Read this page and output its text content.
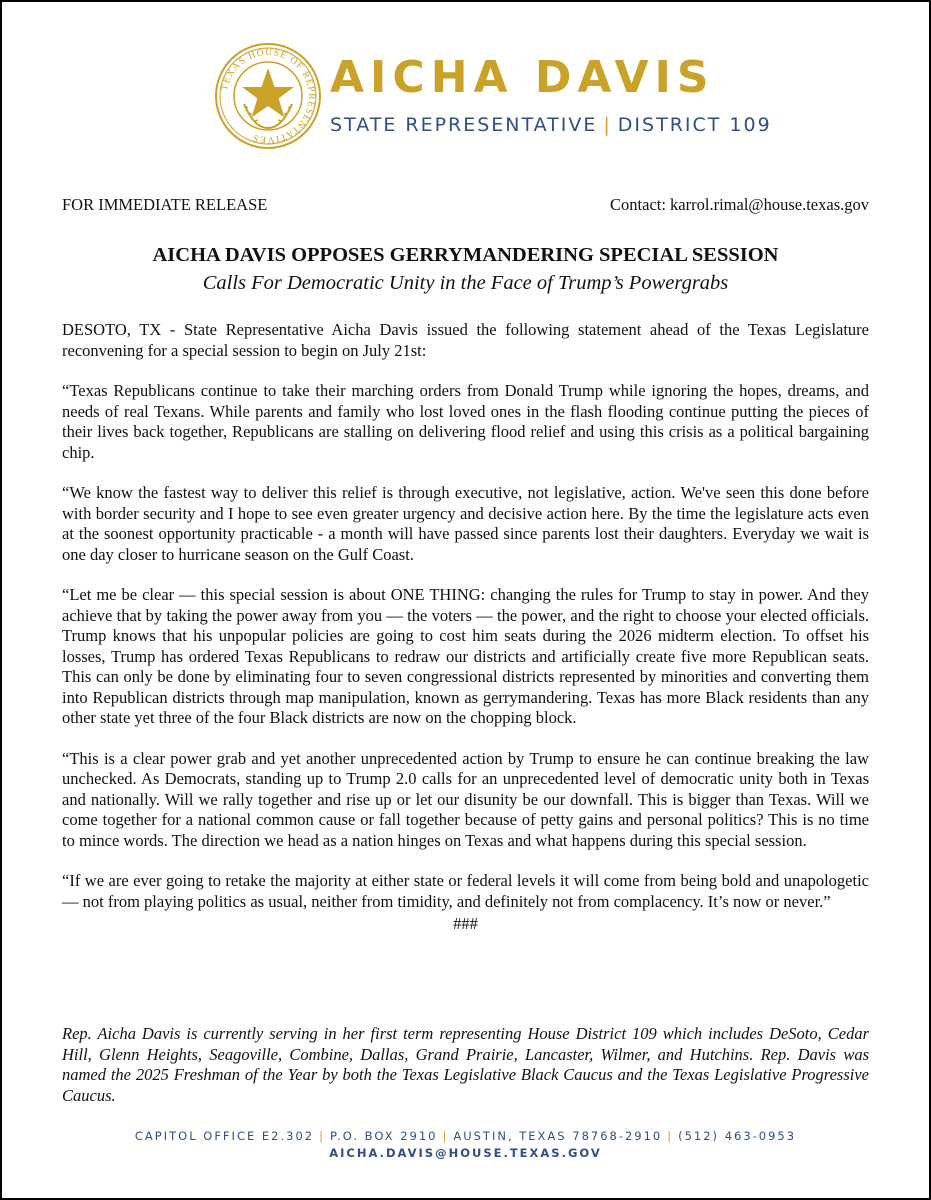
TEXAS HOUSE OF REPRESENTATIVES
AICHA DAVIS
STATE REPRESENTATIVE | DISTRICT 109
FOR IMMEDIATE RELEASE	Contact: karrol.rimal@house.texas.gov
AICHA DAVIS OPPOSES GERRYMANDERING SPECIAL SESSION
Calls For Democratic Unity in the Face of Trump’s Powergrabs

DESOTO, TX - State Representative Aicha Davis issued the following statement ahead of the Texas Legislature reconvening for a special session to begin on July 21st:

“Texas Republicans continue to take their marching orders from Donald Trump while ignoring the hopes, dreams, and needs of real Texans. While parents and family who lost loved ones in the flash flooding continue putting the pieces of their lives back together, Republicans are stalling on delivering flood relief and using this crisis as a political bargaining chip.

“We know the fastest way to deliver this relief is through executive, not legislative, action. We've seen this done before with border security and I hope to see even greater urgency and decisive action here. By the time the legislature acts even at the soonest opportunity practicable - a month will have passed since parents lost their daughters. Everyday we wait is one day closer to hurricane season on the Gulf Coast.

“Let me be clear — this special session is about ONE THING: changing the rules for Trump to stay in power. And they achieve that by taking the power away from you — the voters — the power, and the right to choose your elected officials. Trump knows that his unpopular policies are going to cost him seats during the 2026 midterm election. To offset his losses, Trump has ordered Texas Republicans to redraw our districts and artificially create five more Republican seats. This can only be done by eliminating four to seven congressional districts represented by minorities and converting them into Republican districts through map manipulation, known as gerrymandering. Texas has more Black residents than any other state yet three of the four Black districts are now on the chopping block.

“This is a clear power grab and yet another unprecedented action by Trump to ensure he can continue breaking the law unchecked. As Democrats, standing up to Trump 2.0 calls for an unprecedented level of democratic unity both in Texas and nationally. Will we rally together and rise up or let our disunity be our downfall. This is bigger than Texas. Will we come together for a national common cause or fall together because of petty gains and personal politics? This is no time to mince words. The direction we head as a nation hinges on Texas and what happens during this special session.

“If we are ever going to retake the majority at either state or federal levels it will come from being bold and unapologetic — not from playing politics as usual, neither from timidity, and definitely not from complacency. It’s now or never.”

###

Rep. Aicha Davis is currently serving in her first term representing House District 109 which includes DeSoto, Cedar Hill, Glenn Heights, Seagoville, Combine, Dallas, Grand Prairie, Lancaster, Wilmer, and Hutchins. Rep. Davis was named the 2025 Freshman of the Year by both the Texas Legislative Black Caucus and the Texas Legislative Progressive Caucus.

CAPITOL OFFICE E2.302 | P.O. BOX 2910 | AUSTIN, TEXAS 78768-2910 | (512) 463-0953
AICHA.DAVIS@HOUSE.TEXAS.GOV
